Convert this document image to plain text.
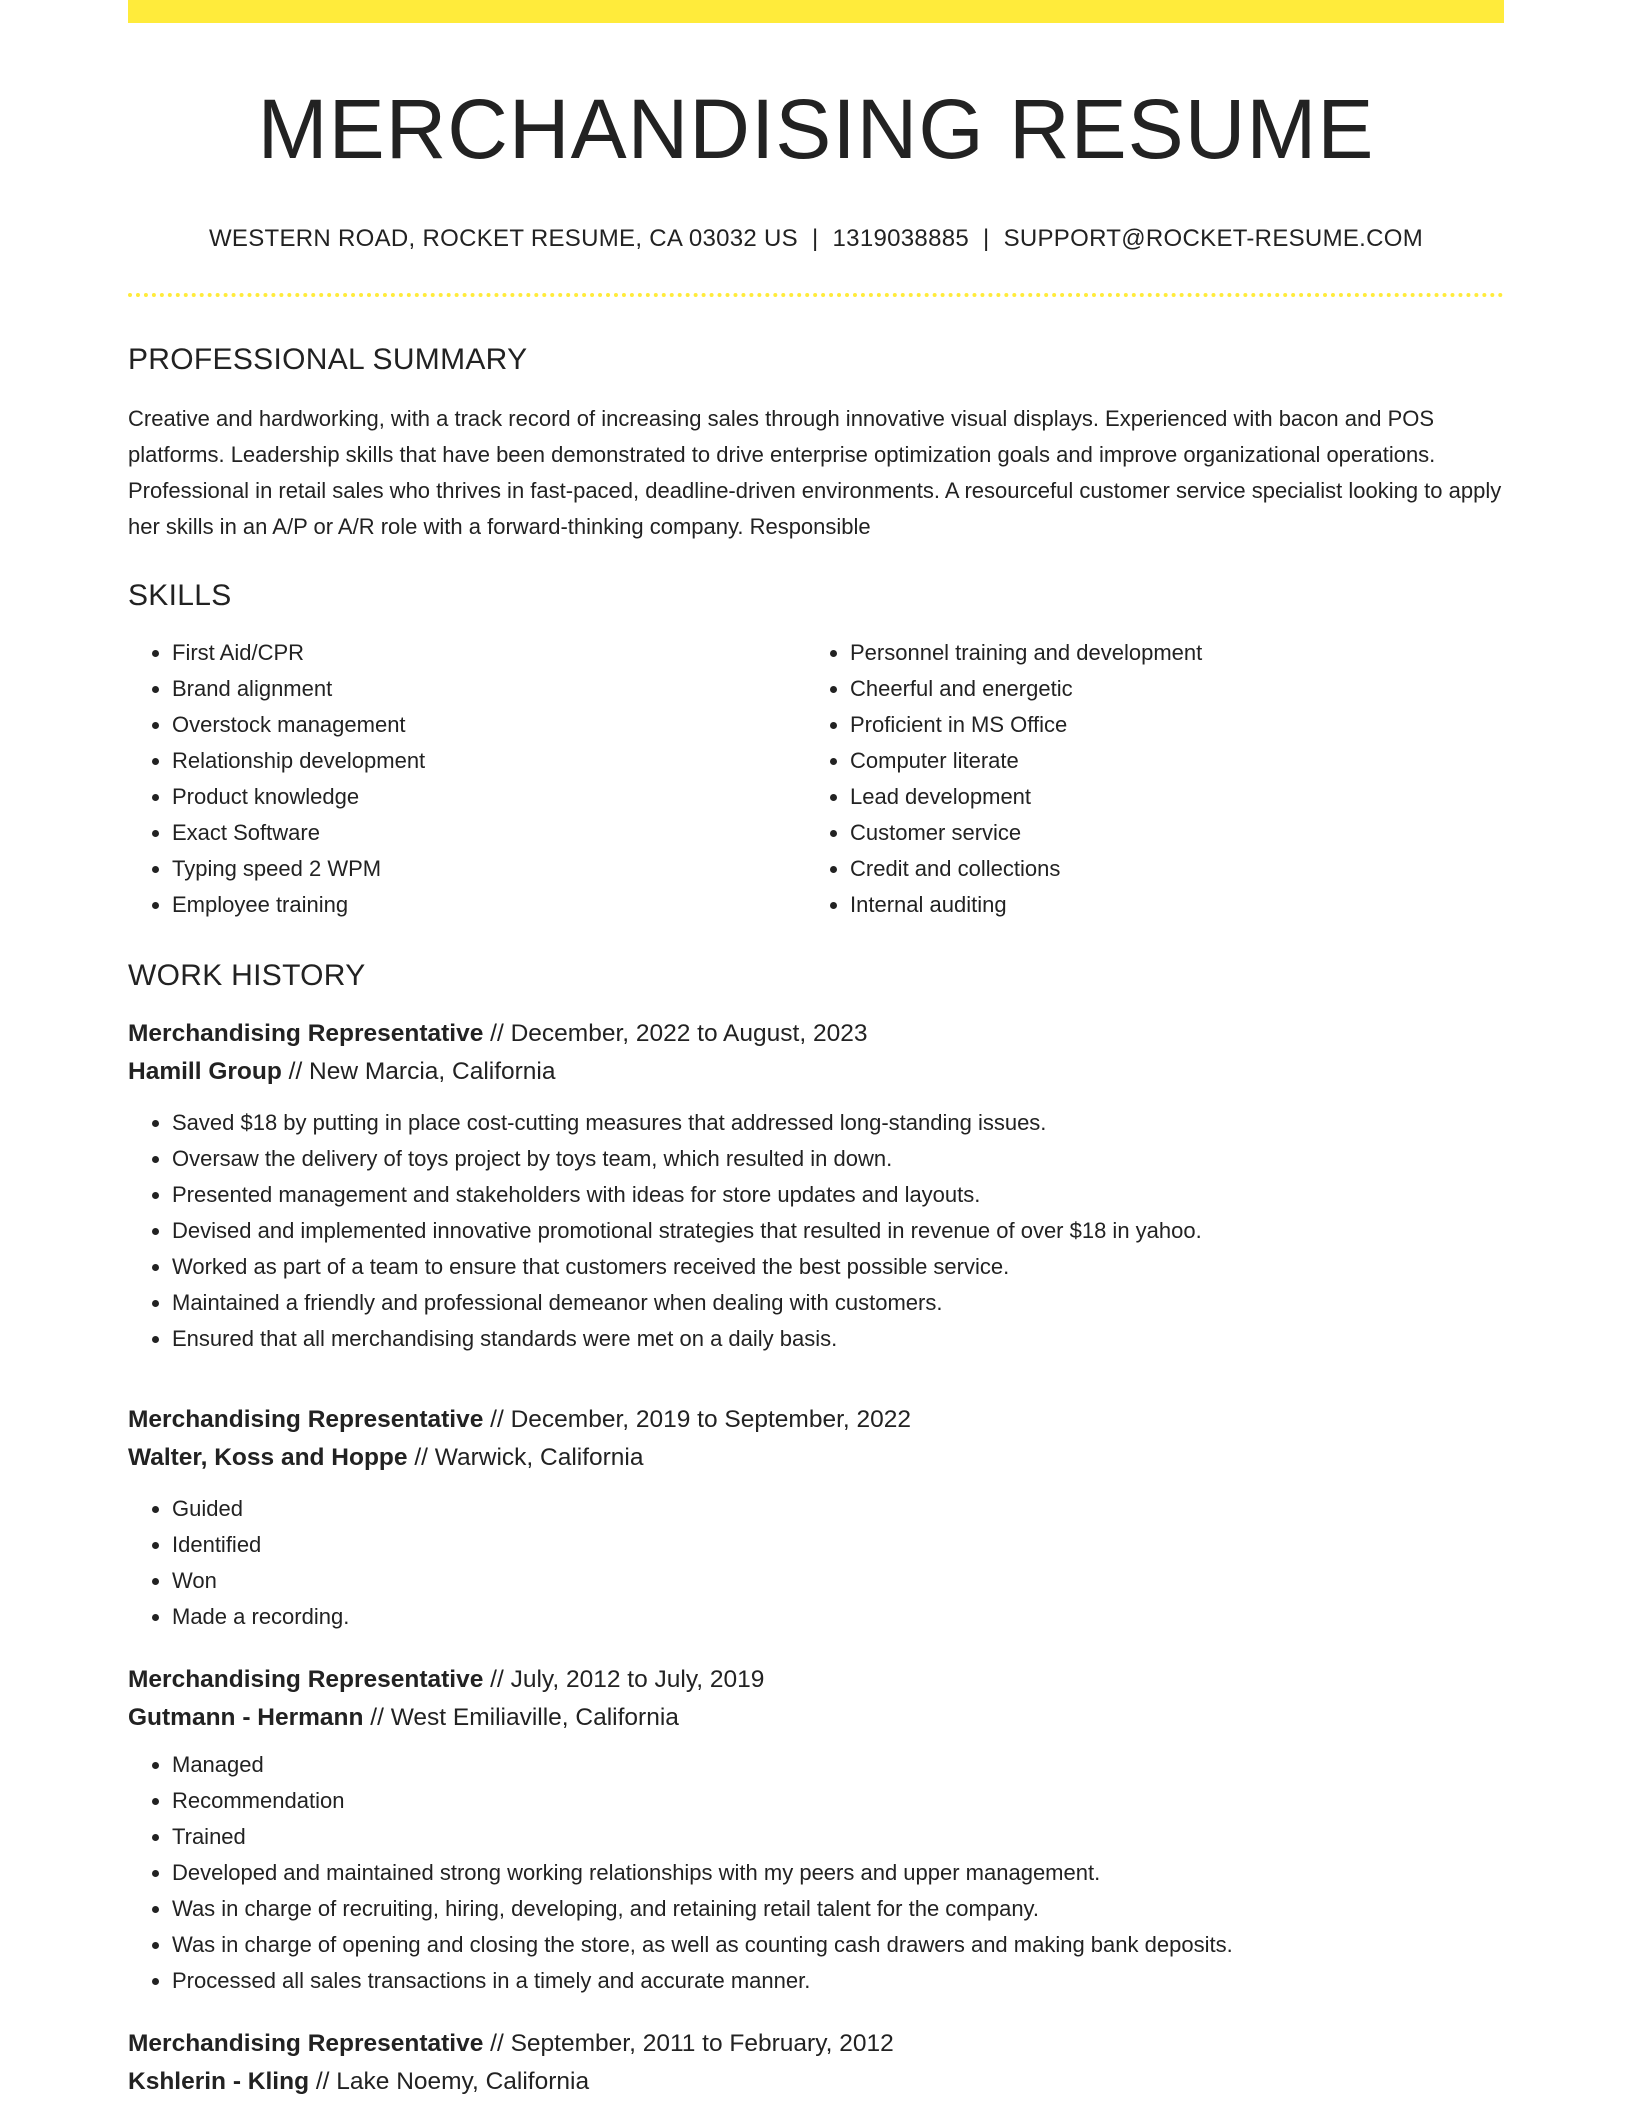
MERCHANDISING RESUME
WESTERN ROAD, ROCKET RESUME, CA 03032 US | 1319038885 | SUPPORT@ROCKET-RESUME.COM
PROFESSIONAL SUMMARY

Creative and hardworking, with a track record of increasing sales through innovative visual displays. Experienced with bacon and POS platforms. Leadership skills that have been demonstrated to drive enterprise optimization goals and improve organizational operations. Professional in retail sales who thrives in fast-paced, deadline-driven environments. A resourceful customer service specialist looking to apply her skills in an A/P or A/R role with a forward-thinking company. Responsible

SKILLS
• First Aid/CPR
• Brand alignment
• Overstock management
• Relationship development
• Product knowledge
• Exact Software
• Typing speed 2 WPM
• Employee training
• Personnel training and development
• Cheerful and energetic
• Proficient in MS Office
• Computer literate
• Lead development
• Customer service
• Credit and collections
• Internal auditing
WORK HISTORY
Merchandising Representative // December, 2022 to August, 2023
Hamill Group // New Marcia, California
• Saved $18 by putting in place cost-cutting measures that addressed long-standing issues.
• Oversaw the delivery of toys project by toys team, which resulted in down.
• Presented management and stakeholders with ideas for store updates and layouts.
• Devised and implemented innovative promotional strategies that resulted in revenue of over $18 in yahoo.
• Worked as part of a team to ensure that customers received the best possible service.
• Maintained a friendly and professional demeanor when dealing with customers.
• Ensured that all merchandising standards were met on a daily basis.
Merchandising Representative // December, 2019 to September, 2022
Walter, Koss and Hoppe // Warwick, California
• Guided
• Identified
• Won
• Made a recording.
Merchandising Representative // July, 2012 to July, 2019
Gutmann - Hermann // West Emiliaville, California
• Managed
• Recommendation
• Trained
• Developed and maintained strong working relationships with my peers and upper management.
• Was in charge of recruiting, hiring, developing, and retaining retail talent for the company.
• Was in charge of opening and closing the store, as well as counting cash drawers and making bank deposits.
• Processed all sales transactions in a timely and accurate manner.
Merchandising Representative // September, 2011 to February, 2012
Kshlerin - Kling // Lake Noemy, California
